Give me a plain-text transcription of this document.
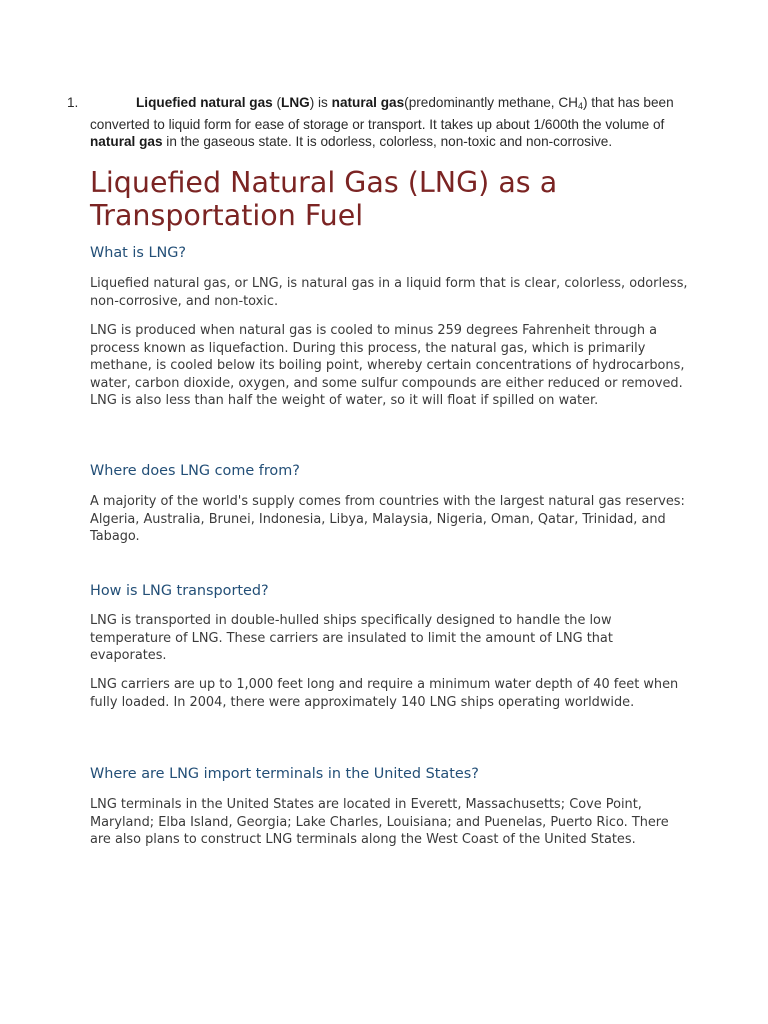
1.	Liquefied natural gas (LNG) is natural gas(predominantly methane, $CH_4$) that has been converted to liquid form for ease of storage or transport. It takes up about 1/600th the volume of natural gas in the gaseous state. It is odorless, colorless, non-toxic and non-corrosive.
Liquefied Natural Gas (LNG) as a Transportation Fuel
What is LNG?

Liquefied natural gas, or LNG, is natural gas in a liquid form that is clear, colorless, odorless, non-corrosive, and non-toxic.

LNG is produced when natural gas is cooled to minus 259 degrees Fahrenheit through a process known as liquefaction. During this process, the natural gas, which is primarily methane, is cooled below its boiling point, whereby certain concentrations of hydrocarbons, water, carbon dioxide, oxygen, and some sulfur compounds are either reduced or removed. LNG is also less than half the weight of water, so it will float if spilled on water.

Where does LNG come from?

A majority of the world's supply comes from countries with the largest natural gas reserves: Algeria, Australia, Brunei, Indonesia, Libya, Malaysia, Nigeria, Oman, Qatar, Trinidad, and Tabago.

How is LNG transported?

LNG is transported in double-hulled ships specifically designed to handle the low temperature of LNG. These carriers are insulated to limit the amount of LNG that evaporates.

LNG carriers are up to 1,000 feet long and require a minimum water depth of 40 feet when fully loaded. In 2004, there were approximately 140 LNG ships operating worldwide.

Where are LNG import terminals in the United States?

LNG terminals in the United States are located in Everett, Massachusetts; Cove Point, Maryland; Elba Island, Georgia; Lake Charles, Louisiana; and Puenelas, Puerto Rico. There are also plans to construct LNG terminals along the West Coast of the United States.
